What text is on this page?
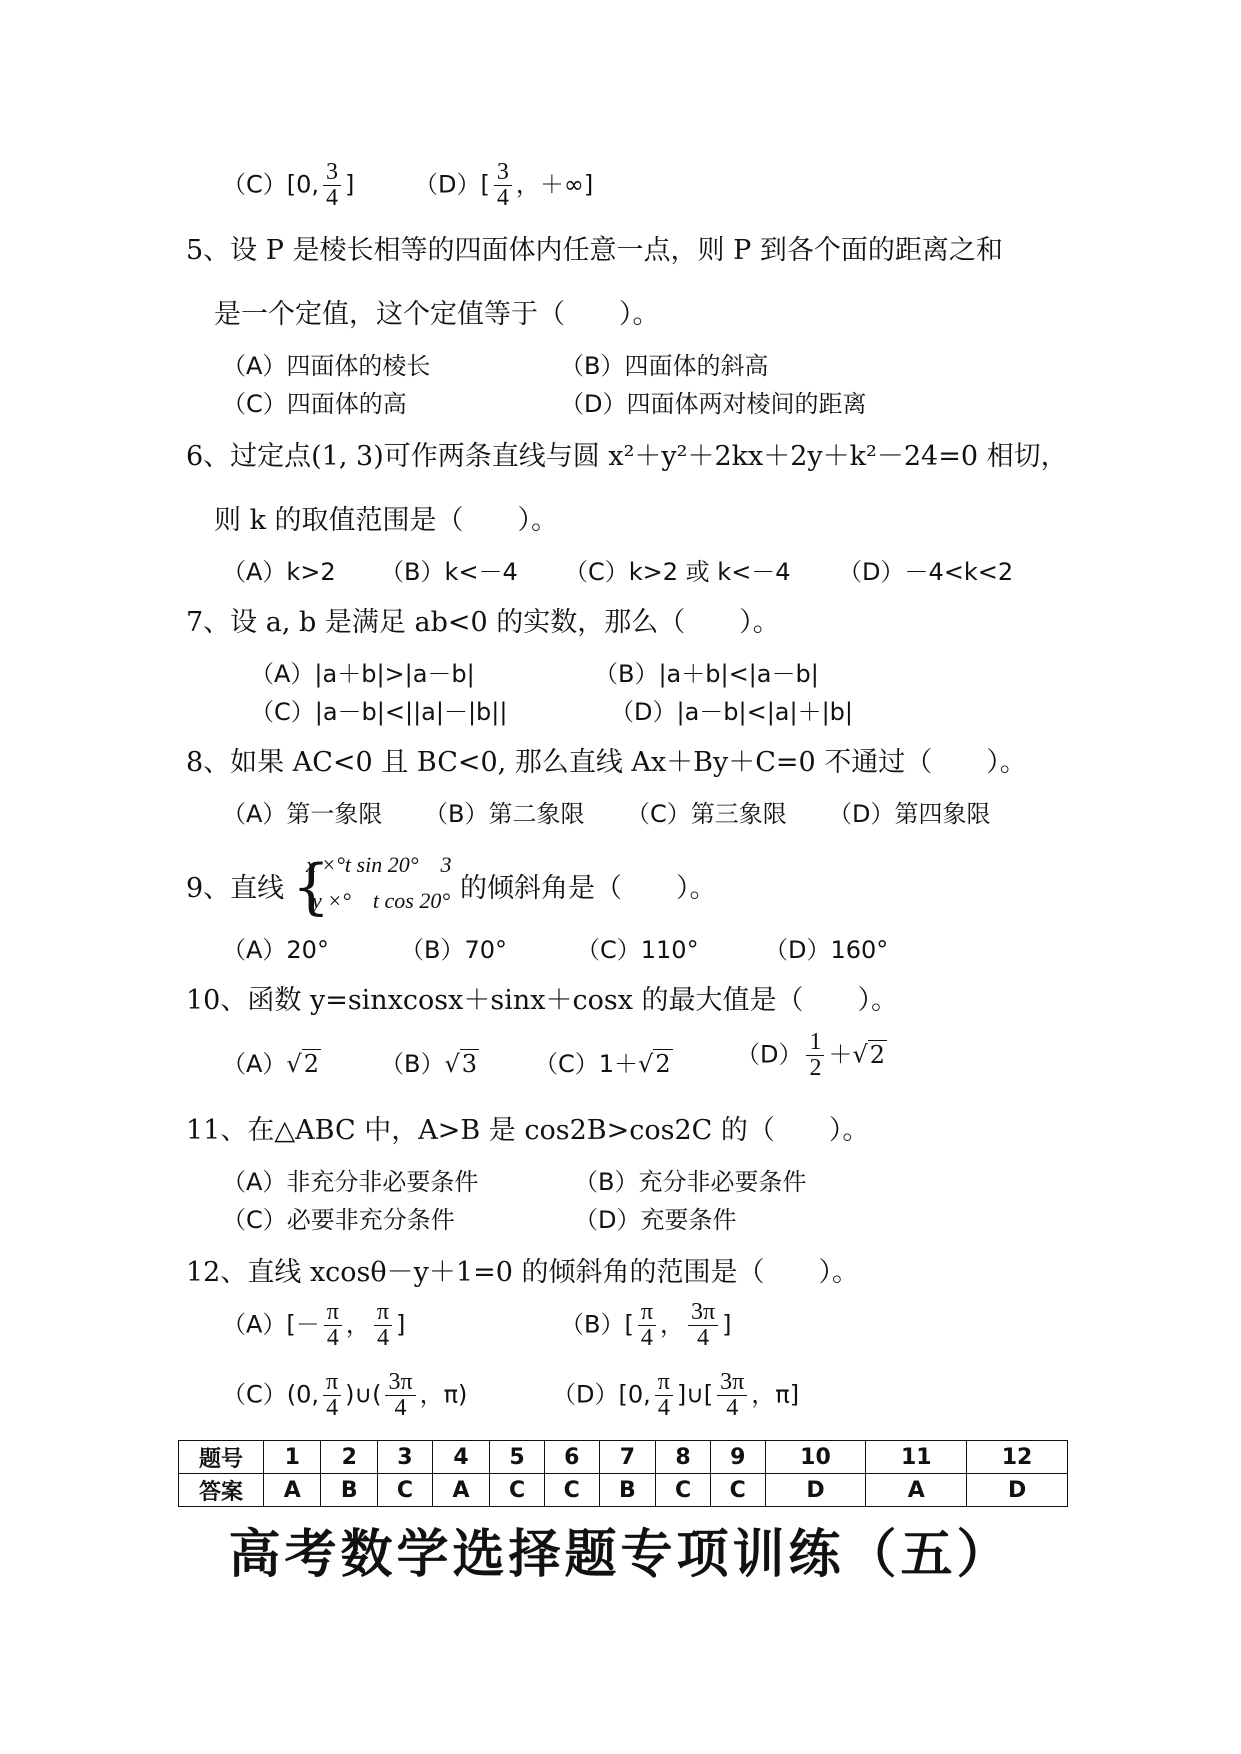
（C）[0, $\frac{3}{4}$ ] $(D)[ \frac{3}{4}$ ，＋∞]
5、设 P 是棱长相等的四面体内任意一点，则 P 到各个面的距离之和
是一个定值，这个定值等于（　　）。
（A）四面体的棱长	（B）四面体的斜高
（C）四面体的高	（D）四面体两对棱间的距离
6、过定点(1, 3)可作两条直线与圆 x²＋y²＋2kx＋2y＋k²－24=0 相切，
则 k 的取值范围是（　　）。
（A）k>2 （B）k<－4 （C）k>2 或 k<－4 （D）－4<k<2
7、设 a, b 是满足 ab<0 的实数，那么（　　）。
（A）|a＋b|>|a－b|	（B）|a＋b|<|a－b|
（C）|a－b|<||a|－|b||	（D）|a－b|<|a|＋|b|
8、如果 AC<0 且 BC<0, 那么直线 Ax＋By＋C=0 不通过（　　）。
（A）第一象限 （B）第二象限 （C）第三象限 （D）第四象限
9、直线 {
x ×°t sin 20°　3
y ×°　t cos 20° 的倾斜角是（　　）。
（A）20°	（B）70°	（C）110°	（D）160°
10、函数 y=sinxcosx＋sinx＋cosx 的最大值是（　　）。
（A）√2	（B）√3 （C）1＋√2	$(D) \frac{1}{2} +√2$
11、在△ABC 中，A>B 是 cos2B>cos2C 的（　　）。
（A）非充分非必要条件	（B）充分非必要条件
（C）必要非充分条件	（D）充要条件
12、直线 xcosθ－y＋1=0 的倾斜角的范围是（　　）。
$(A)[- \frac{\pi}{4}$ ， $\frac{\pi}{4}$ ]	$(B)[ \frac{\pi}{4}$ ， $\frac{3\pi}{4}$ ]
（C）(0, $\frac{\pi}{4}$ )∪( $\frac{3\pi}{4}$ ，π)	（D）[0, $\frac{\pi}{4}$ ]∪[ $\frac{3\pi}{4}$ ，π]
题号	1	2	3	4	5	6	7	8	9	10	11	12
答案	A	B	C	A	C	C	B	C	C	D	A	D
高考数学选择题专项训练（五）
